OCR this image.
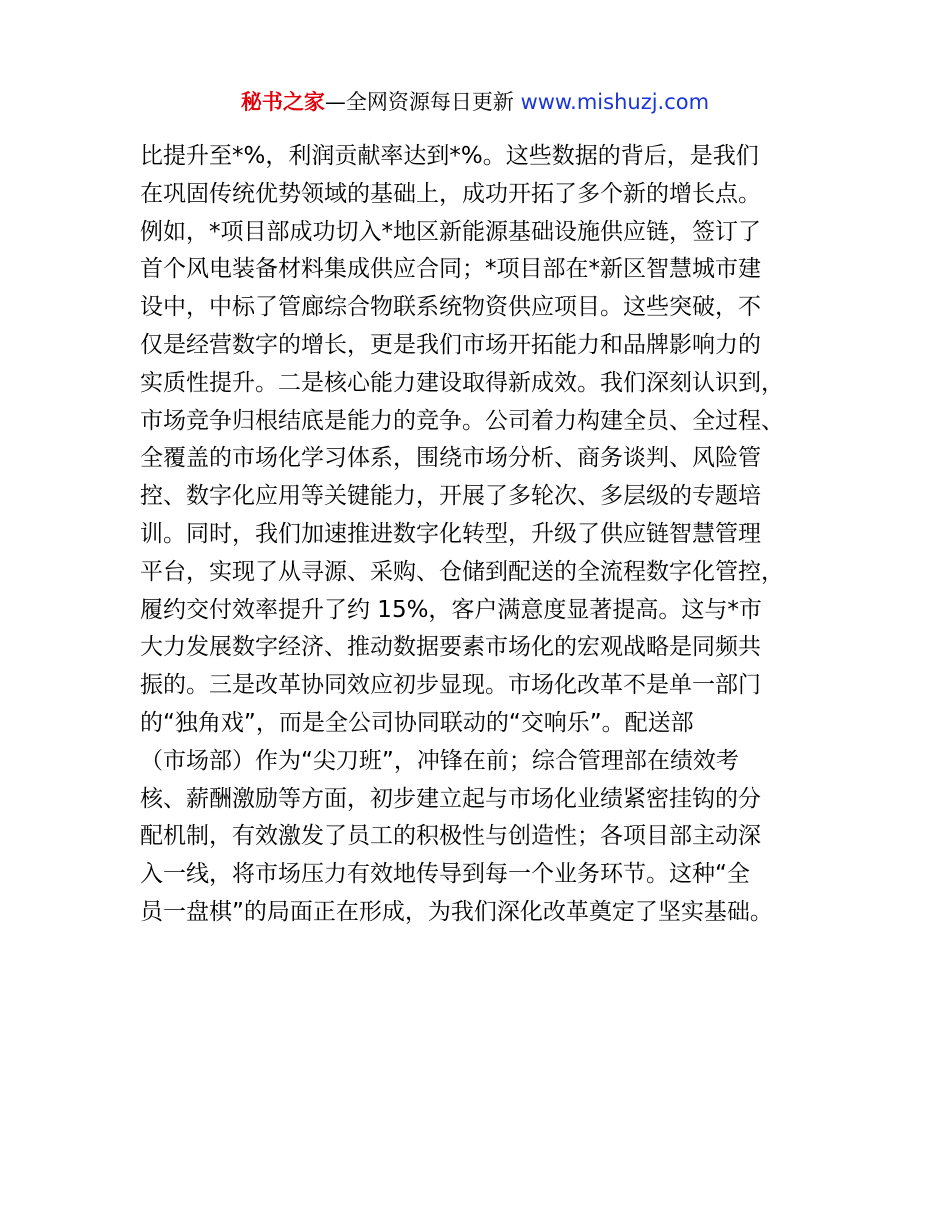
秘书之家—全网资源每日更新 www.mishuzj.com
比提升至*%，利润贡献率达到*%。这些数据的背后，是我们
在巩固传统优势领域的基础上，成功开拓了多个新的增长点。
例如，*项目部成功切入*地区新能源基础设施供应链，签订了
首个风电装备材料集成供应合同；*项目部在*新区智慧城市建
设中，中标了管廊综合物联系统物资供应项目。这些突破，不
仅是经营数字的增长，更是我们市场开拓能力和品牌影响力的
实质性提升。二是核心能力建设取得新成效。我们深刻认识到，
市场竞争归根结底是能力的竞争。公司着力构建全员、全过程、
全覆盖的市场化学习体系，围绕市场分析、商务谈判、风险管
控、数字化应用等关键能力，开展了多轮次、多层级的专题培
训。同时，我们加速推进数字化转型，升级了供应链智慧管理
平台，实现了从寻源、采购、仓储到配送的全流程数字化管控，
履约交付效率提升了约 15%，客户满意度显著提高。这与*市
大力发展数字经济、推动数据要素市场化的宏观战略是同频共
振的。三是改革协同效应初步显现。市场化改革不是单一部门
的“独角戏”，而是全公司协同联动的“交响乐”。配送部
（市场部）作为“尖刀班”，冲锋在前；综合管理部在绩效考
核、薪酬激励等方面，初步建立起与市场化业绩紧密挂钩的分
配机制，有效激发了员工的积极性与创造性；各项目部主动深
入一线，将市场压力有效地传导到每一个业务环节。这种“全
员一盘棋”的局面正在形成，为我们深化改革奠定了坚实基础。
